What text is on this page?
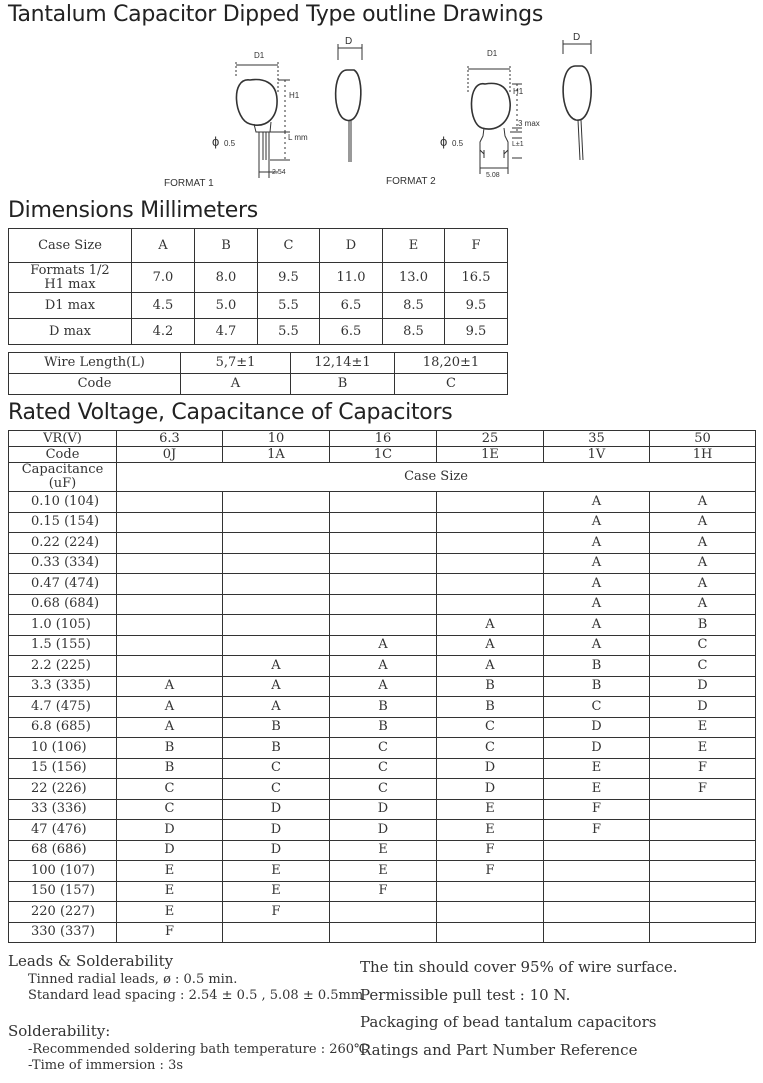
Tantalum Capacitor Dipped Type outline Drawings
D1
D
H1
ϕ 0.5
L mm
2.54
FORMAT 1
D1
D
H1
3 max
L±1
ϕ 0.5
5.08
FORMAT 2
Dimensions Millimeters
Case Size	A	B	C	D	E	F

Formats 1/2
H1 max	7.0	8.0	9.5	11.0	13.0	16.5
D1 max	4.5	5.0	5.5	6.5	8.5	9.5
D max	4.2	4.7	5.5	6.5	8.5	9.5
Wire Length(L)	5,7±1	12,14±1	18,20±1
Code	A	B	C
Rated Voltage, Capacitance of Capacitors
VR(V)	6.3	10	16	25	35	50
Code	0J	1A	1C	1E	1V	1H

Capacitance
(uF)	Case Size					
0.10 (104)					A	A
0.15 (154)					A	A
0.22 (224)					A	A
0.33 (334)					A	A
0.47 (474)					A	A
0.68 (684)					A	A
1.0 (105)				A	A	B
1.5 (155)			A	A	A	C
2.2 (225)		A	A	A	B	C
3.3 (335)	A	A	A	B	B	D
4.7 (475)	A	A	B	B	C	D
6.8 (685)	A	B	B	C	D	E
10 (106)	B	B	C	C	D	E
15 (156)	B	C	C	D	E	F
22 (226)	C	C	C	D	E	F
33 (336)	C	D	D	E	F	
47 (476)	D	D	D	E	F	
68 (686)	D	D	E	F		
100 (107)	E	E	E	F		
150 (157)	E	E	F			
220 (227)	E	F				
330 (337)	F					
Leads & Solderability
Tinned radial leads, ø : 0.5 min.
Standard lead spacing : 2.54 ± 0.5 , 5.08 ± 0.5mm
Solderability:
-Recommended soldering bath temperature : 260℃
-Time of immersion : 3s
The tin should cover 95% of wire surface.
Permissible pull test : 10 N.
Packaging of bead tantalum capacitors
Ratings and Part Number Reference
